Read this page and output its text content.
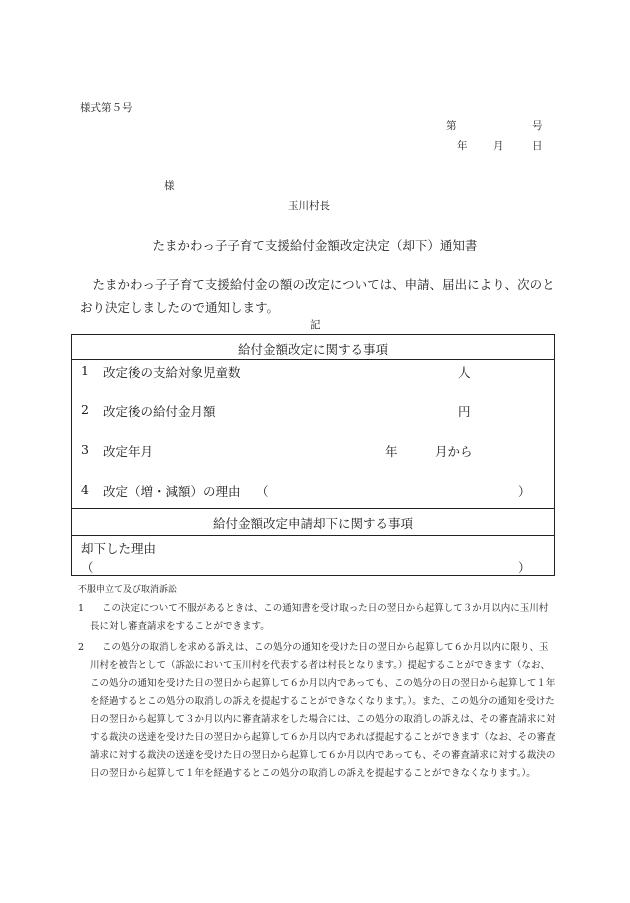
様式第５号
第	号
年 月	日
様
玉川村長
たまかわっ子子育て支援給付金額改定決定（却下）通知書
たまかわっ子子育て支援給付金の額の改定については、申請、届出により、次のとおり決定しましたので通知します。
記
給付金額改定に関する事項
1 改定後の支給対象児童数	人
2 改定後の給付金月額	円
3 改定年月	年	月から
4 改定（増・減額）の理由 （	）
給付金額改定申請却下に関する事項
却下した理由
（	）
不服申立て及び取消訴訟
1	この決定について不服があるときは、この通知書を受け取った日の翌日から起算して３か月以内に玉川村長に対し審査請求をすることができます。
2	この処分の取消しを求める訴えは、この処分の通知を受けた日の翌日から起算して６か月以内に限り、玉川村を被告として（訴訟において玉川村を代表する者は村長となります。）提起することができます（なお、この処分の通知を受けた日の翌日から起算して６か月以内であっても、この処分の日の翌日から起算して１年を経過するとこの処分の取消しの訴えを提起することができなくなります。）。また、この処分の通知を受けた日の翌日から起算して３か月以内に審査請求をした場合には、この処分の取消しの訴えは、その審査請求に対する裁決の送達を受けた日の翌日から起算して６か月以内であれば提起することができます（なお、その審査請求に対する裁決の送達を受けた日の翌日から起算して６か月以内であっても、その審査請求に対する裁決の日の翌日から起算して１年を経過するとこの処分の取消しの訴えを提起することができなくなります。）。
